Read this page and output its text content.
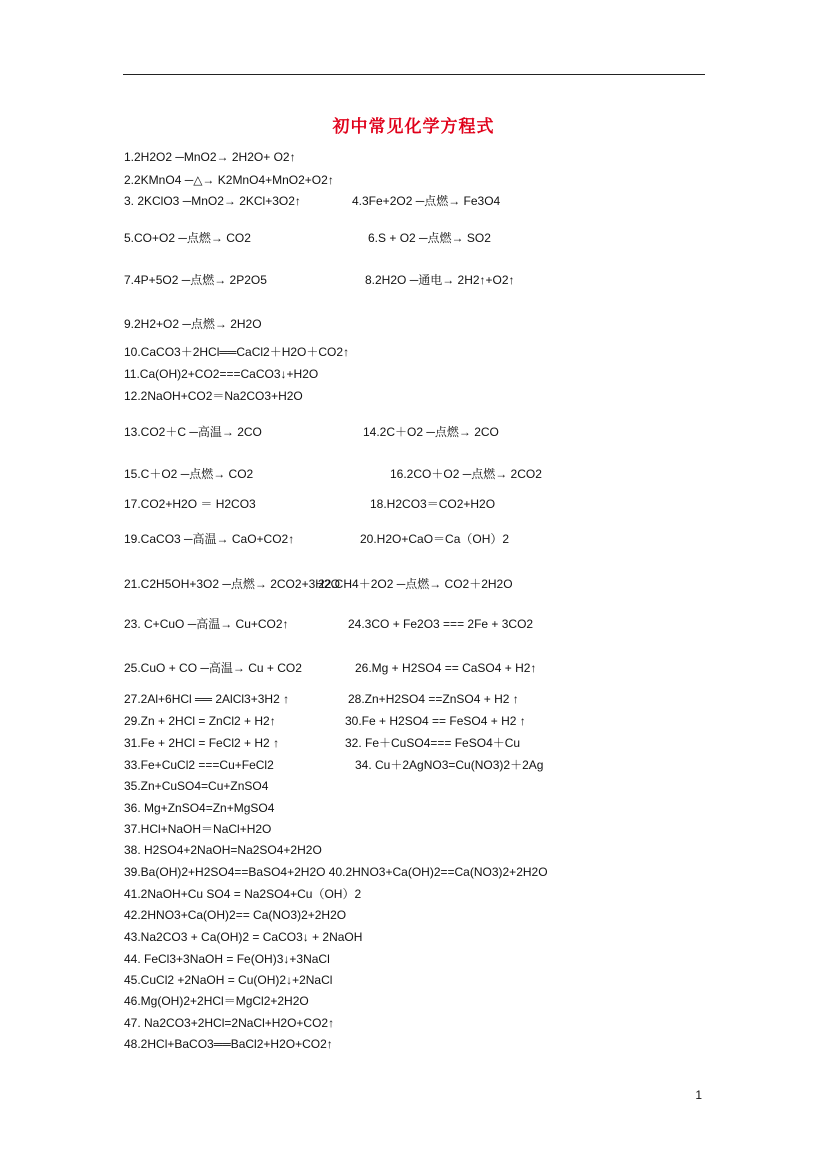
初中常见化学方程式
1.2H2O2 ─MnO2→ 2H2O+ O2↑
2.2KMnO4 ─△→ K2MnO4+MnO2+O2↑
3. 2KClO3 ─MnO2→ 2KCl+3O2↑	4.3Fe+2O2 ─点燃→ Fe3O4
5.CO+O2 ─点燃→ CO2	6.S + O2 ─点燃→ SO2
7.4P+5O2 ─点燃→ 2P2O5	8.2H2O ─通电→ 2H2↑+O2↑
9.2H2+O2 ─点燃→ 2H2O
10.CaCO3＋2HCl══CaCl2＋H2O＋CO2↑
11.Ca(OH)2+CO2===CaCO3↓+H2O
12.2NaOH+CO2＝Na2CO3+H2O
13.CO2＋C ─高温→ 2CO	14.2C＋O2 ─点燃→ 2CO
15.C＋O2 ─点燃→ CO2	16.2CO＋O2 ─点燃→ 2CO2
17.CO2+H2O ＝ H2CO3	18.H2CO3＝CO2+H2O
19.CaCO3 ─高温→ CaO+CO2↑	20.H2O+CaO＝Ca（OH）2
21.C2H5OH+3O2 ─点燃→ 2CO2+3H2O
22.CH4＋2O2 ─点燃→ CO2＋2H2O
23. C+CuO ─高温→ Cu+CO2↑	24.3CO + Fe2O3 === 2Fe + 3CO2
25.CuO + CO ─高温→ Cu + CO2	26.Mg + H2SO4 == CaSO4 + H2↑
27.2Al+6HCl ══ 2AlCl3+3H2 ↑	28.Zn+H2SO4 ==ZnSO4 + H2 ↑
29.Zn + 2HCl = ZnCl2 + H2↑	30.Fe + H2SO4 == FeSO4 + H2 ↑
31.Fe + 2HCl = FeCl2 + H2 ↑	32. Fe＋CuSO4=== FeSO4＋Cu
33.Fe+CuCl2 ===Cu+FeCl2	34. Cu＋2AgNO3=Cu(NO3)2＋2Ag
35.Zn+CuSO4=Cu+ZnSO4
36. Mg+ZnSO4=Zn+MgSO4
37.HCl+NaOH＝NaCl+H2O
38. H2SO4+2NaOH=Na2SO4+2H2O
39.Ba(OH)2+H2SO4==BaSO4+2H2O 40.2HNO3+Ca(OH)2==Ca(NO3)2+2H2O
41.2NaOH+Cu SO4 = Na2SO4+Cu（OH）2
42.2HNO3+Ca(OH)2== Ca(NO3)2+2H2O
43.Na2CO3 + Ca(OH)2 = CaCO3↓ + 2NaOH
44. FeCl3+3NaOH = Fe(OH)3↓+3NaCl
45.CuCl2 +2NaOH = Cu(OH)2↓+2NaCl
46.Mg(OH)2+2HCl＝MgCl2+2H2O
47. Na2CO3+2HCl=2NaCl+H2O+CO2↑
48.2HCl+BaCO3══BaCl2+H2O+CO2↑
1
